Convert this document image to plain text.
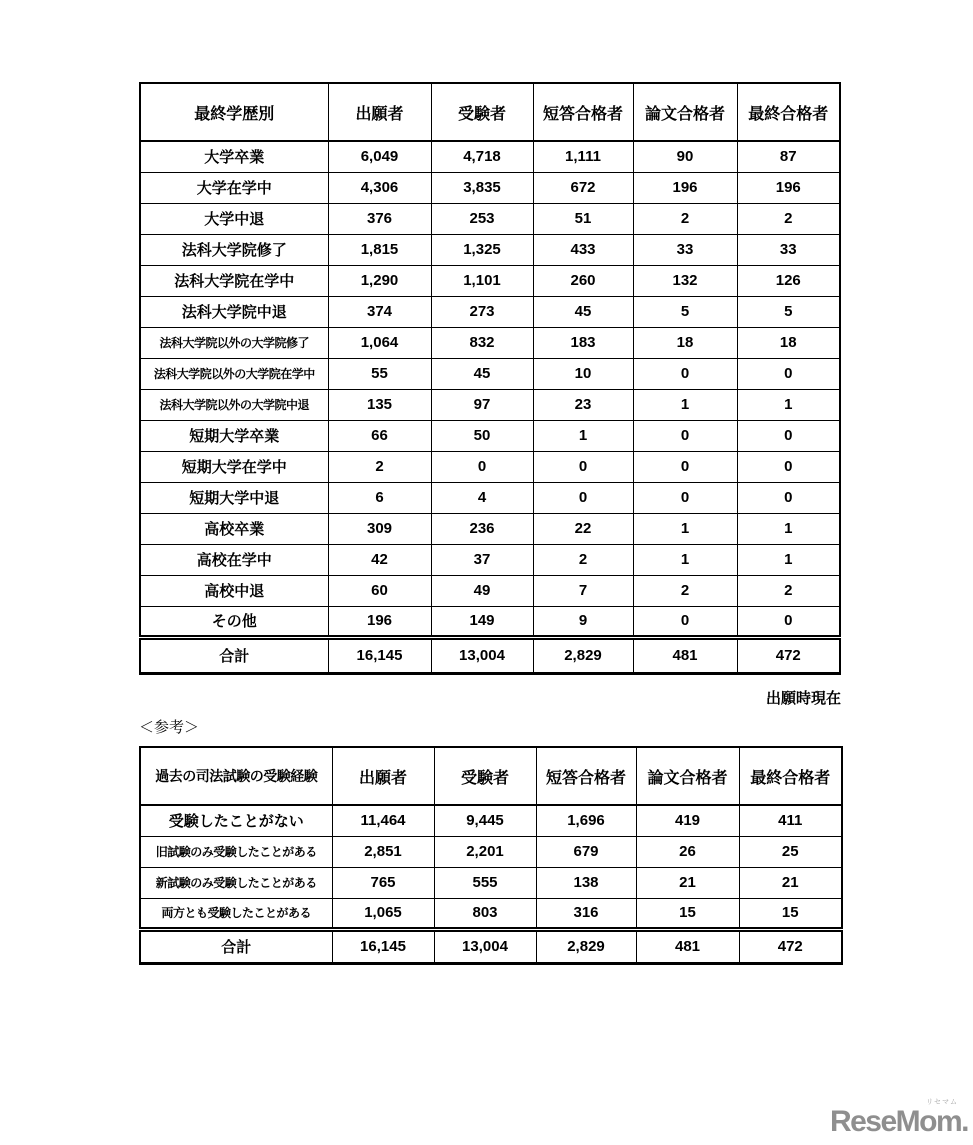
最終学歴別	出願者	受験者	短答合格者	論文合格者	最終合格者
大学卒業	6,049	4,718	1,111	90	87
大学在学中	4,306	3,835	672	196	196
大学中退	376	253	51	2	2
法科大学院修了	1,815	1,325	433	33	33
法科大学院在学中	1,290	1,101	260	132	126
法科大学院中退	374	273	45	5	5
法科大学院以外の大学院修了	1,064	832	183	18	18
法科大学院以外の大学院在学中	55	45	10	0	0
法科大学院以外の大学院中退	135	97	23	1	1
短期大学卒業	66	50	1	0	0
短期大学在学中	2	0	0	0	0
短期大学中退	6	4	0	0	0
高校卒業	309	236	22	1	1
高校在学中	42	37	2	1	1
高校中退	60	49	7	2	2
その他	196	149	9	0	0
合計	16,145	13,004	2,829	481	472
出願時現在
＜参考＞
過去の司法試験の受験経験	出願者	受験者	短答合格者	論文合格者	最終合格者
受験したことがない	11,464	9,445	1,696	419	411
旧試験のみ受験したことがある	2,851	2,201	679	26	25
新試験のみ受験したことがある	765	555	138	21	21
両方とも受験したことがある	1,065	803	316	15	15
合計	16,145	13,004	2,829	481	472
リセマム
ReseMom.
